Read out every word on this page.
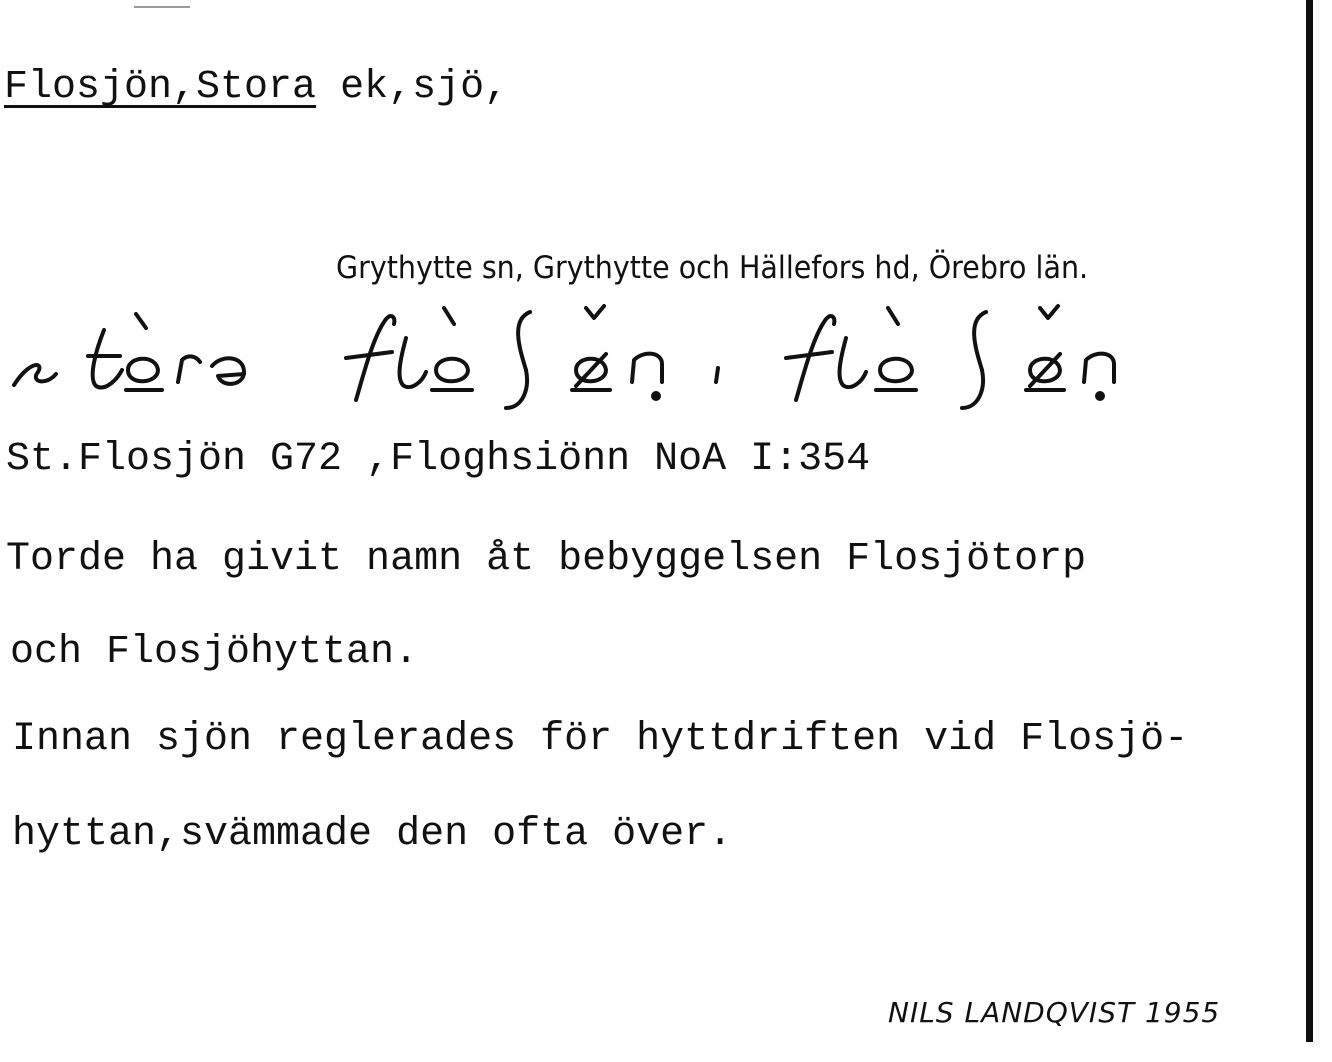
Flosjön,Stora ek,sjö,
Grythytte sn, Grythytte och Hällefors hd, Örebro län.
St.Flosjön G72 ,Floghsiönn NoA I:354
Torde ha givit namn åt bebyggelsen Flosjötorp
och Flosjöhyttan.
Innan sjön reglerades för hyttdriften vid Flosjö-
hyttan,svämmade den ofta över.
NILS LANDQVIST 1955
